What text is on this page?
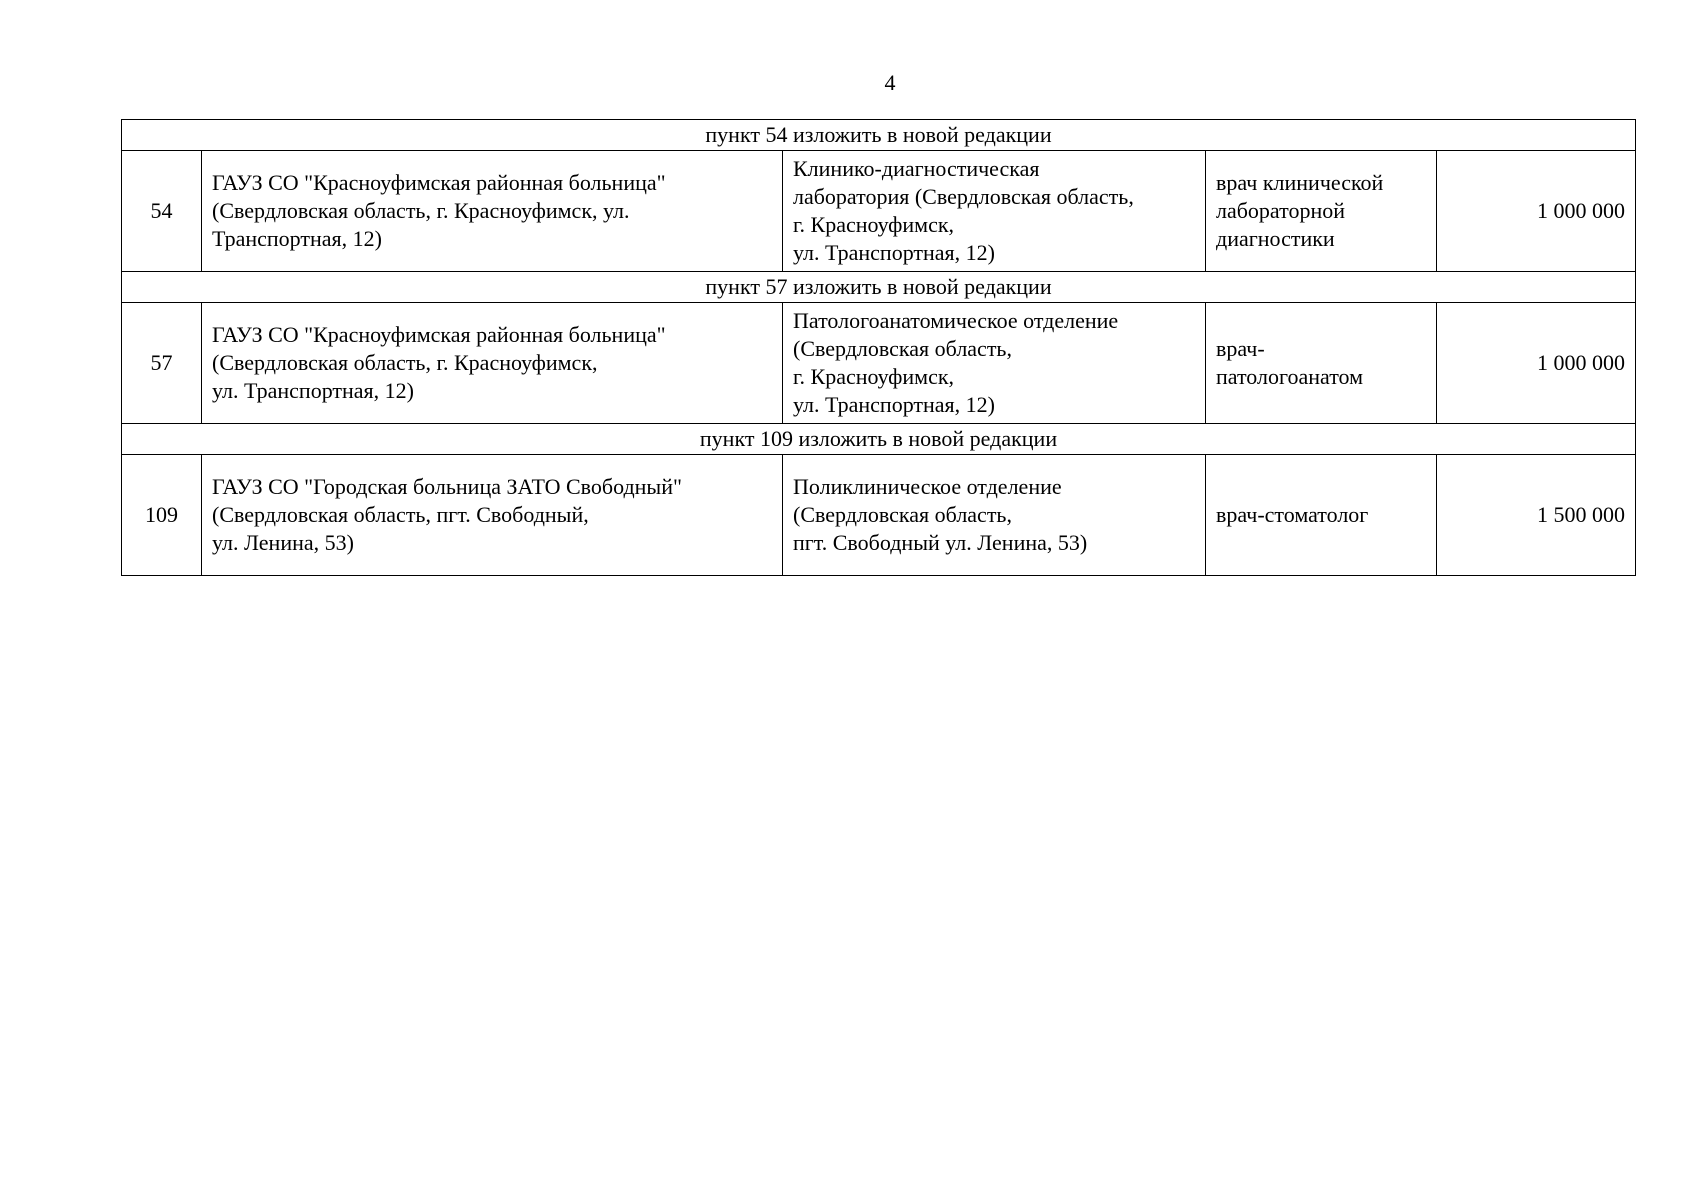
4
пункт 54 изложить в новой редакции				
54	ГАУЗ СО "Красноуфимская районная больница"
(Свердловская область, г. Красноуфимск, ул.
Транспортная, 12)	Клинико-диагностическая
лаборатория (Свердловская область,
г. Красноуфимск,
ул. Транспортная, 12)	врач клинической
лабораторной
диагностики	1 000 000
пункт 57 изложить в новой редакции				
57	ГАУЗ СО "Красноуфимская районная больница"
(Свердловская область, г. Красноуфимск,
ул. Транспортная, 12)	Патологоанатомическое отделение
(Свердловская область,
г. Красноуфимск,
ул. Транспортная, 12)	врач-
патологоанатом	1 000 000
пункт 109 изложить в новой редакции				
109	ГАУЗ СО "Городская больница ЗАТО Свободный"
(Свердловская область, пгт. Свободный,
ул. Ленина, 53)	Поликлиническое отделение
(Свердловская область,
пгт. Свободный ул. Ленина, 53)	врач-стоматолог	1 500 000
